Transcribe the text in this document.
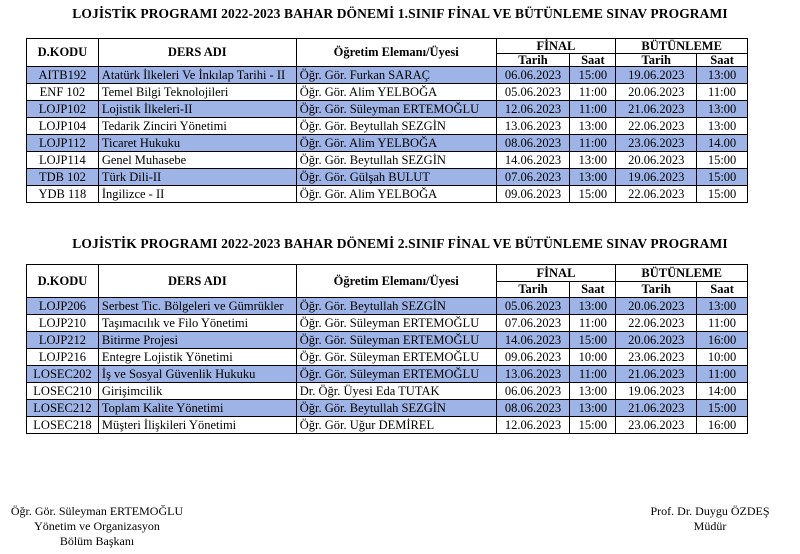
LOJİSTİK PROGRAMI 2022-2023 BAHAR DÖNEMİ 1.SINIF FİNAL VE BÜTÜNLEME SINAV PROGRAMI
D.KODU	DERS ADI	Öğretim Elemanı/Üyesi	FİNAL		BÜTÜNLEME	
			Tarih	Saat	Tarih	Saat
AITB192	Atatürk İlkeleri Ve İnkılap Tarihi - II	Öğr. Gör. Furkan SARAÇ	06.06.2023	15:00	19.06.2023	13:00
ENF 102	Temel Bilgi Teknolojileri	Öğr. Gör. Alim YELBOĞA	05.06.2023	11:00	20.06.2023	11:00
LOJP102	Lojistik İlkeleri-II	Öğr. Gör. Süleyman ERTEMOĞLU	12.06.2023	11:00	21.06.2023	13:00
LOJP104	Tedarik Zinciri Yönetimi	Öğr. Gör. Beytullah SEZGİN	13.06.2023	13:00	22.06.2023	13:00
LOJP112	Ticaret Hukuku	Öğr. Gör. Alim YELBOĞA	08.06.2023	11:00	23.06.2023	14.00
LOJP114	Genel Muhasebe	Öğr. Gör. Beytullah SEZGİN	14.06.2023	13:00	20.06.2023	15:00
TDB 102	Türk Dili-II	Öğr. Gör. Gülşah BULUT	07.06.2023	13:00	19.06.2023	15:00
YDB 118	İngilizce - II	Öğr. Gör. Alim YELBOĞA	09.06.2023	15:00	22.06.2023	15:00
LOJİSTİK PROGRAMI 2022-2023 BAHAR DÖNEMİ 2.SINIF FİNAL VE BÜTÜNLEME SINAV PROGRAMI
D.KODU	DERS ADI	Öğretim Elemanı/Üyesi	FİNAL		BÜTÜNLEME	
			Tarih	Saat	Tarih	Saat
LOJP206	Serbest Tic. Bölgeleri ve Gümrükler	Öğr. Gör. Beytullah SEZGİN	05.06.2023	13:00	20.06.2023	13:00
LOJP210	Taşımacılık ve Filo Yönetimi	Öğr. Gör. Süleyman ERTEMOĞLU	07.06.2023	11:00	22.06.2023	11:00
LOJP212	Bitirme Projesi	Öğr. Gör. Süleyman ERTEMOĞLU	14.06.2023	15:00	20.06.2023	16:00
LOJP216	Entegre Lojistik Yönetimi	Öğr. Gör. Süleyman ERTEMOĞLU	09.06.2023	10:00	23.06.2023	10:00
LOSEC202	İş ve Sosyal Güvenlik Hukuku	Öğr. Gör. Süleyman ERTEMOĞLU	13.06.2023	11:00	21.06.2023	11:00
LOSEC210	Girişimcilik	Dr. Öğr. Üyesi Eda TUTAK	06.06.2023	13:00	19.06.2023	14:00
LOSEC212	Toplam Kalite Yönetimi	Öğr. Gör. Beytullah SEZGİN	08.06.2023	13:00	21.06.2023	15:00
LOSEC218	Müşteri İlişkileri Yönetimi	Öğr. Gör. Uğur DEMİREL	12.06.2023	15:00	23.06.2023	16:00
Öğr. Gör. Süleyman ERTEMOĞLU
Yönetim ve Organizasyon
Bölüm Başkanı
Prof. Dr. Duygu ÖZDEŞ
Müdür
